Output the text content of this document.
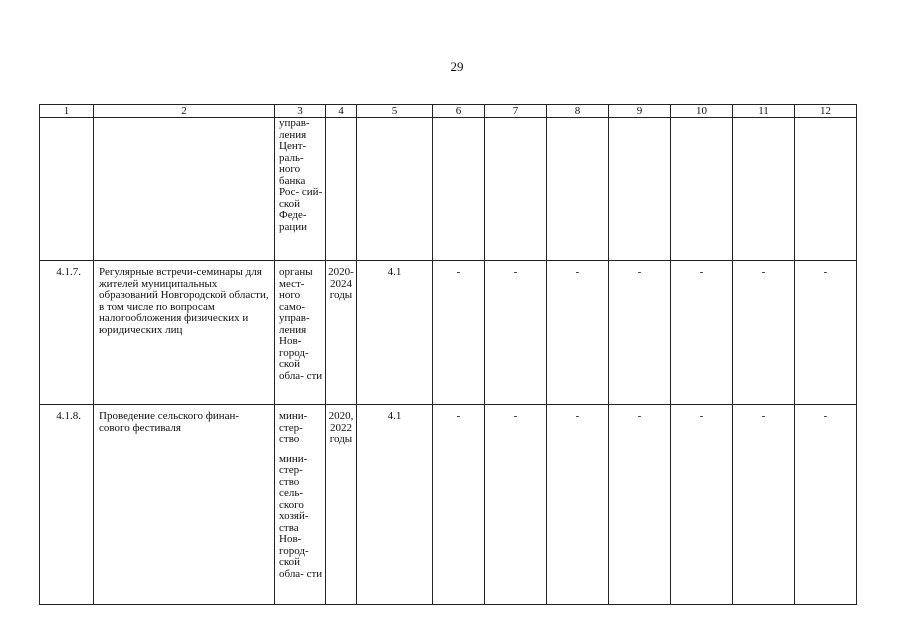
29
1	2	3	4	5	6	7	8	9	10	11	12
		управ- ления Цент- раль- ного банка Рос- сий- ской Феде- рации									
4.1.7.	Регулярные встречи-семинары для жителей муниципальных образований Новгородской области, в том числе по вопросам налогообложения физических и юридических лиц	органы мест- ного само- управ- ления Нов- город- ской обла- сти	2020- 2024 годы	4.1	-	-	-	-	-	-	-
4.1.8.	Проведение сельского финан- сового фестиваля	мини- стер- ство
мини- стер- ство сель- ского хозяй- ства Нов- город- ской обла- сти	2020, 2022 годы	4.1	-	-	-	-	-	-	-
